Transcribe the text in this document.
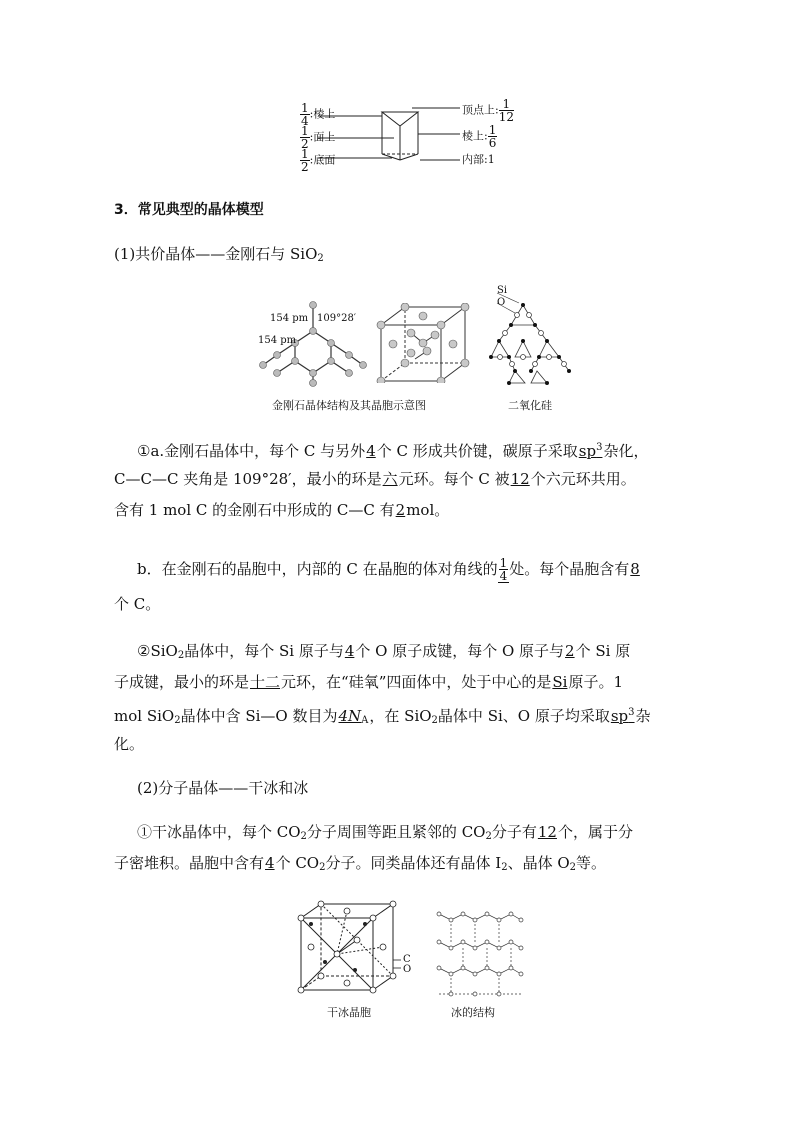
$\frac{1}{4}$ :棱上
$\frac{1}{2}$ :面上
$\frac{1}{2}$ :底面
顶点上: $\frac{1}{12}$
棱上: $\frac{1}{6}$
内部:1
3．常见典型的晶体模型
(1)共价晶体——金刚石与 SiO$_2$
154 pm 109°28′
154 pm
Si
O
金刚石晶体结构及其晶胞示意图	二氧化硅
①a.金刚石晶体中，每个 C 与另外4个 C 形成共价键，碳原子采取$sp^3$杂化，
C—C—C 夹角是 109°28′，最小的环是六元环。每个 C 被12个六元环共用。
含有 1 mol C 的金刚石中形成的 C—C 有2mol。
b．在金刚石的晶胞中，内部的 C 在晶胞的体对角线的 $\frac{1}{4}$ 处。每个晶胞含有8
个 C。
②SiO$_2$晶体中，每个 Si 原子与4个 O 原子成键，每个 O 原子与2个 Si 原
子成键，最小的环是十二元环，在“硅氧”四面体中，处于中心的是Si原子。1
mol SiO$_2$晶体中含 Si—O 数目为$4N_A$，在 SiO$_2$晶体中 Si、O 原子均采取$sp^3$杂
化。
(2)分子晶体——干冰和冰
①干冰晶体中，每个 $CO_2$分子周围等距且紧邻的 $CO_2$分子有12个，属于分
子密堆积。晶胞中含有4个 $CO_2$分子。同类晶体还有晶体 $I_2$、晶体 $O_2$等。
C
O
干冰晶胞	冰的结构
